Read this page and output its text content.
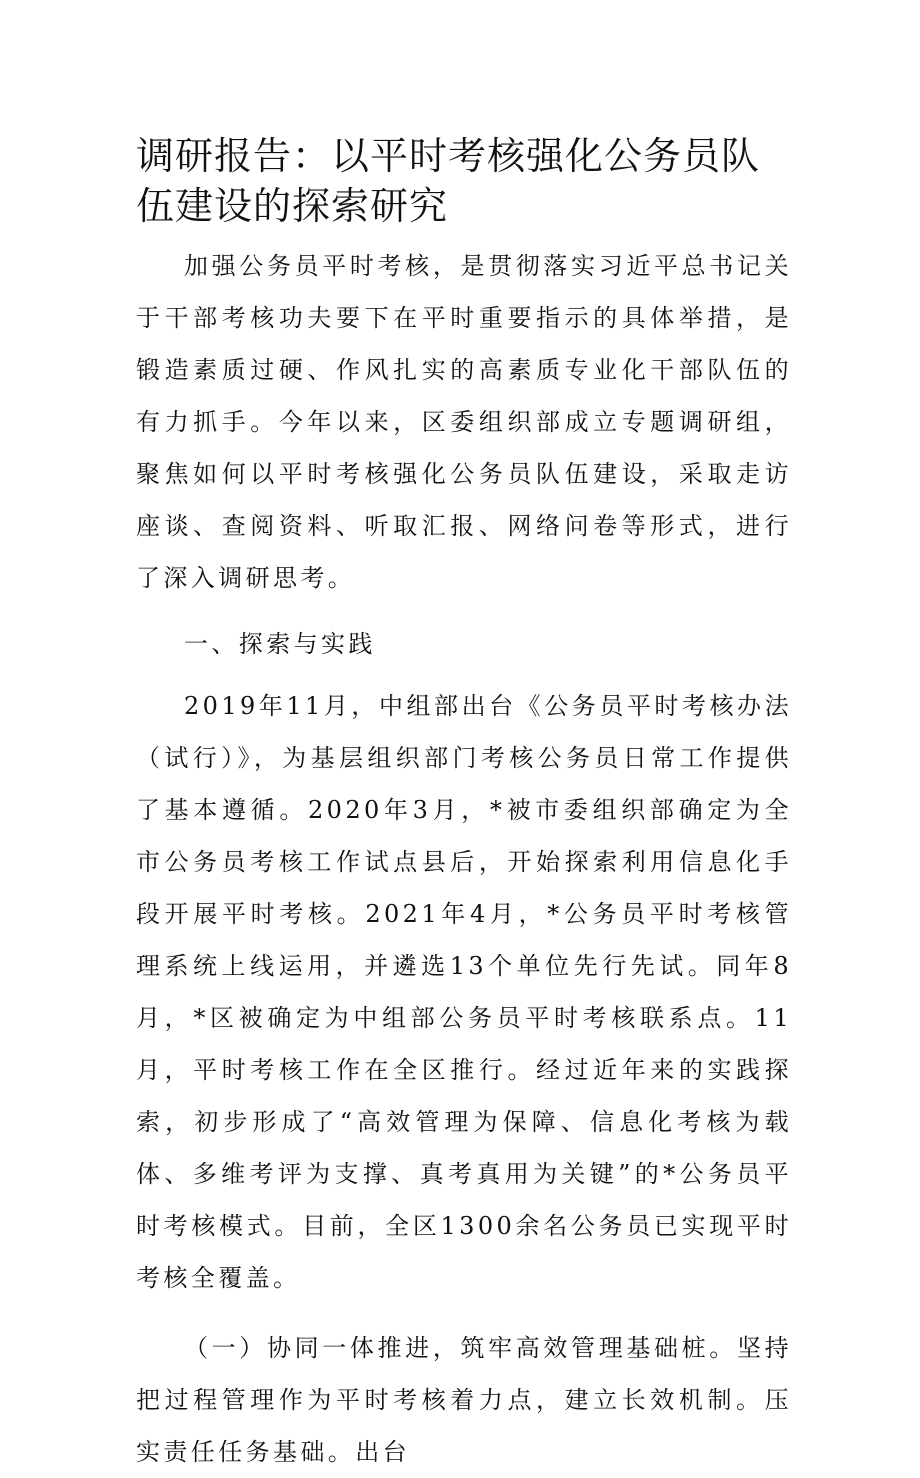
调研报告：以平时考核强化公务员队伍建设的探索研究

加强公务员平时考核，是贯彻落实习近平总书记关于干部考核功夫要下在平时重要指示的具体举措，是锻造素质过硬、作风扎实的高素质专业化干部队伍的有力抓手。今年以来，区委组织部成立专题调研组，聚焦如何以平时考核强化公务员队伍建设，采取走访座谈、查阅资料、听取汇报、网络问卷等形式，进行了深入调研思考。

一、探索与实践

2019年11月，中组部出台《公务员平时考核办法（试行）》，为基层组织部门考核公务员日常工作提供了基本遵循。2020年3月，*被市委组织部确定为全市公务员考核工作试点县后，开始探索利用信息化手段开展平时考核。2021年4月，*公务员平时考核管理系统上线运用，并遴选13个单位先行先试。同年8月，*区被确定为中组部公务员平时考核联系点。11月，平时考核工作在全区推行。经过近年来的实践探索，初步形成了“高效管理为保障、信息化考核为载体、多维考评为支撑、真考真用为关键”的*公务员平时考核模式。目前，全区1300余名公务员已实现平时考核全覆盖。

（一）协同一体推进，筑牢高效管理基础桩。坚持把过程管理作为平时考核着力点，建立长效机制。压实责任任务基础。出台
